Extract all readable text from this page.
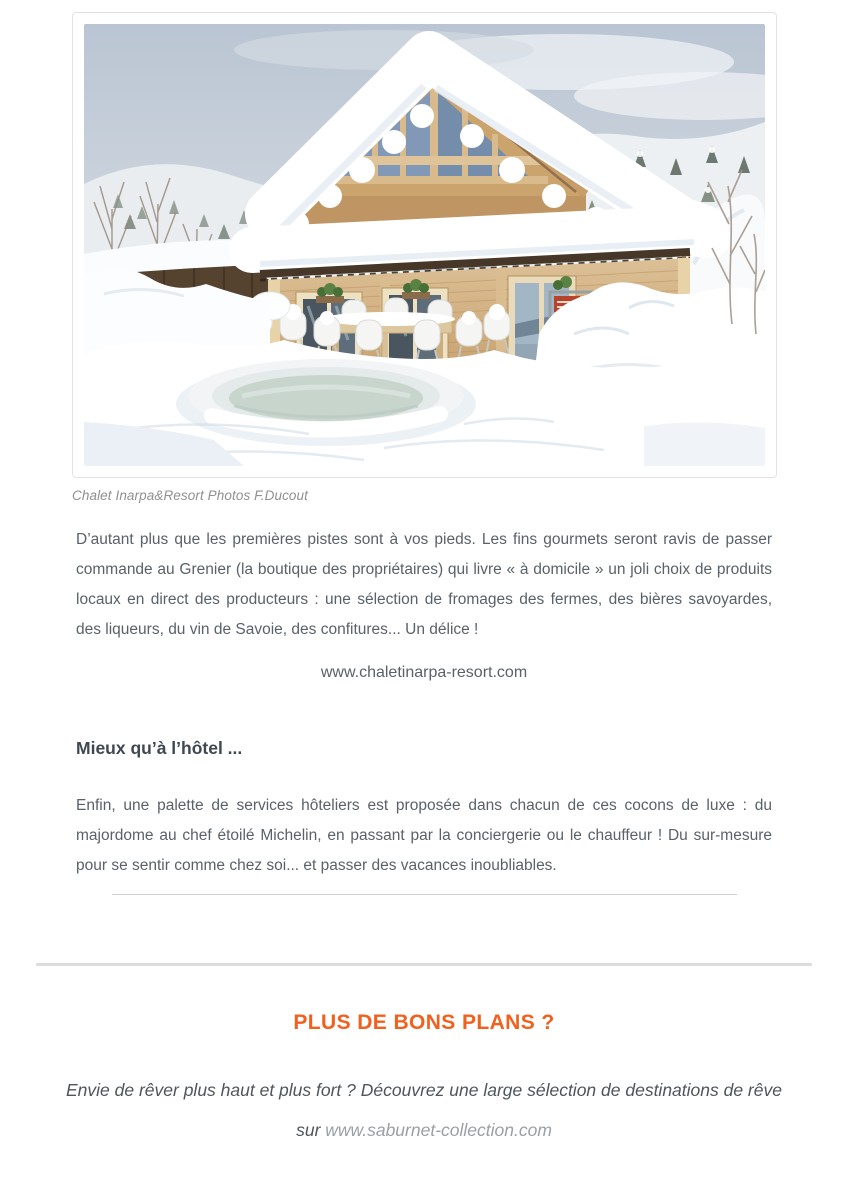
Chalet Inarpa&Resort Photos F.Ducout

D’autant plus que les premières pistes sont à vos pieds. Les fins gourmets seront ravis de passer commande au Grenier (la boutique des propriétaires) qui livre « à domicile » un joli choix de produits locaux en direct des producteurs : une sélection de fromages des fermes, des bières savoyardes, des liqueurs, du vin de Savoie, des confitures... Un délice !

www.chaletinarpa-resort.com

Mieux qu’à l’hôtel ...

Enfin, une palette de services hôteliers est proposée dans chacun de ces cocons de luxe : du majordome au chef étoilé Michelin, en passant par la conciergerie ou le chauffeur ! Du sur-mesure pour se sentir comme chez soi... et passer des vacances inoubliables.

PLUS DE BONS PLANS ?

Envie de rêver plus haut et plus fort ? Découvrez une large sélection de destinations de rêve sur www.saburnet-collection.com
